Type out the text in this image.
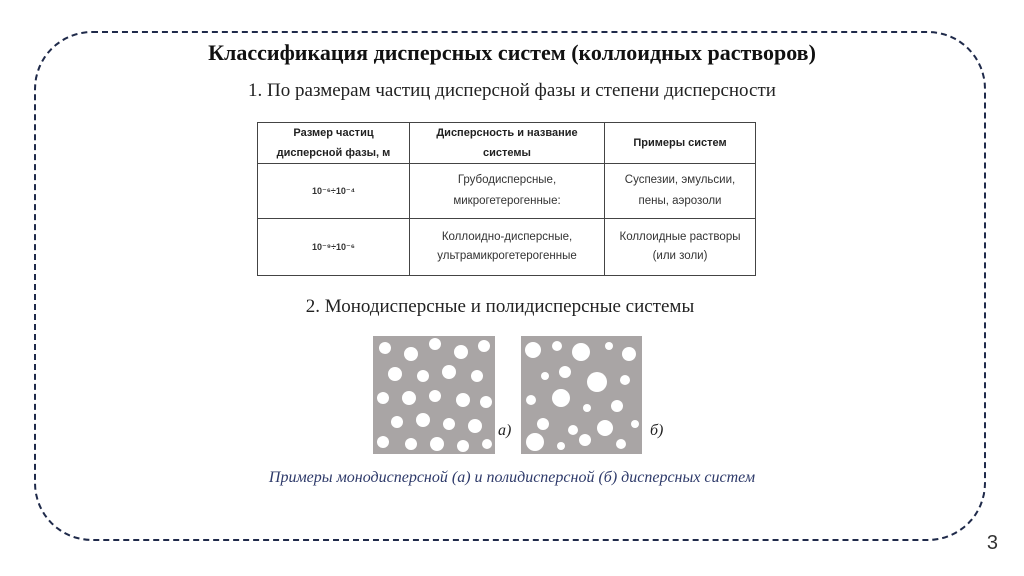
Классификация дисперсных систем (коллоидных растворов)
1. По размерам частиц дисперсной фазы и степени дисперсности
Размер частиц дисперсной фазы, м	Дисперсность и название системы	Примеры систем
10⁻⁶÷10⁻⁴	Грубодисперсные, микрогетерогенные:	Суспезии, эмульсии, пены, аэрозоли
10⁻⁹÷10⁻⁶	Коллоидно-дисперсные, ультрамикрогетерогенные	Коллоидные растворы (или золи)
2. Монодисперсные и полидисперсные системы
а)	б)
Примеры монодисперсной (а) и полидисперсной (б) дисперсных систем
3
